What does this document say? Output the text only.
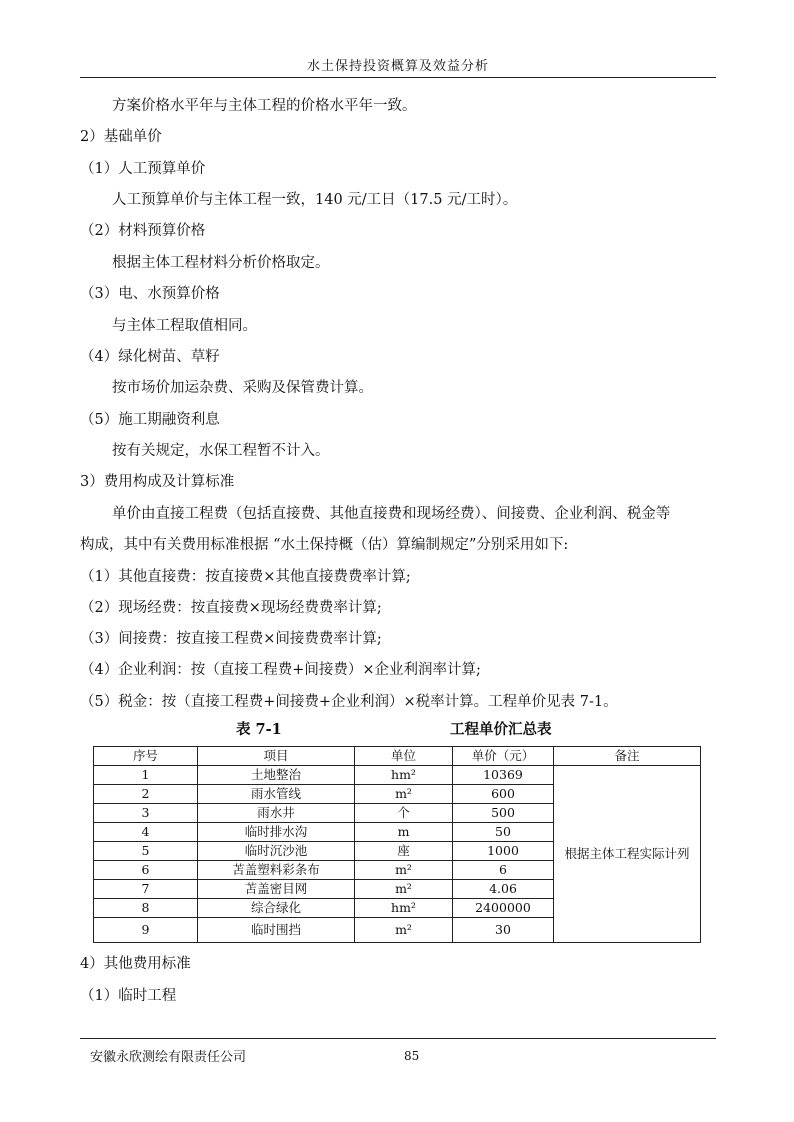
水土保持投资概算及效益分析
方案价格水平年与主体工程的价格水平年一致。
2）基础单价
（1）人工预算单价
人工预算单价与主体工程一致，140 元/工日（17.5 元/工时）。
（2）材料预算价格
根据主体工程材料分析价格取定。
（3）电、水预算价格
与主体工程取值相同。
（4）绿化树苗、草籽
按市场价加运杂费、采购及保管费计算。
（5）施工期融资利息
按有关规定，水保工程暂不计入。
3）费用构成及计算标准
单价由直接工程费（包括直接费、其他直接费和现场经费）、间接费、企业利润、税金等
构成，其中有关费用标准根据 “水土保持概（估）算编制规定”分别采用如下:
（1）其他直接费：按直接费×其他直接费费率计算;
（2）现场经费：按直接费×现场经费费率计算;
（3）间接费：按直接工程费×间接费费率计算;
（4）企业利润：按（直接工程费+间接费）×企业利润率计算;
（5）税金：按（直接工程费+间接费+企业利润）×税率计算。工程单价见表 7-1。
表 7-1	工程单价汇总表
序号	项目	单位	单价（元）	备注
1	土地整治	hm²	10369	根据主体工程实际计列
2	雨水管线	m²	600	
3	雨水井	个	500	
4	临时排水沟	m	50	
5	临时沉沙池	座	1000	
6	苫盖塑料彩条布	m²	6	
7	苫盖密目网	m²	4.06	
8	综合绿化	hm²	2400000	
9	临时围挡	m²	30	
4）其他费用标准
（1）临时工程
安徽永欣测绘有限责任公司	85
